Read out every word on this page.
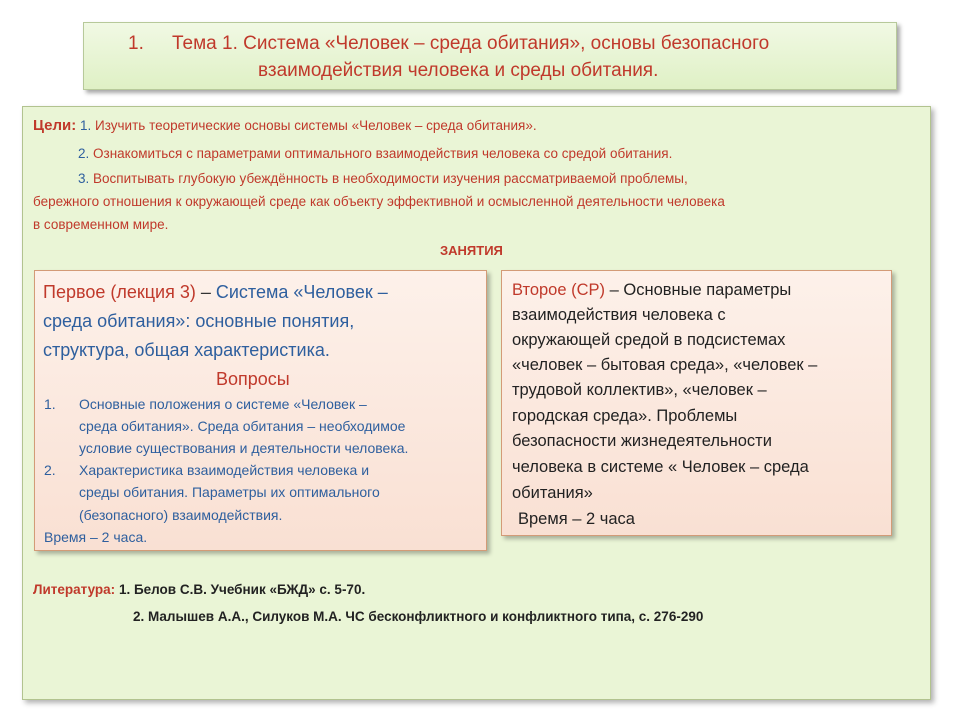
1. Тема 1. Система «Человек – среда обитания», основы безопасного
взаимодействия человека и среды обитания.
Цели: 1. Изучить теоретические основы системы «Человек – среда обитания».
2. Ознакомиться с параметрами оптимального взаимодействия человека со средой обитания.
3. Воспитывать глубокую убеждённость в необходимости изучения рассматриваемой проблемы,
бережного отношения к окружающей среде как объекту эффективной и осмысленной деятельности человека
в современном мире.
ЗАНЯТИЯ
Первое (лекция 3) – Система «Человек –
среда обитания»: основные понятия,
структура, общая характеристика.
Вопросы
1. Основные положения о системе «Человек –
среда обитания». Среда обитания – необходимое
условие существования и деятельности человека.
2. Характеристика взаимодействия человека и
среды обитания. Параметры их оптимального
(безопасного) взаимодействия.
Время – 2 часа.
Второе (СР) – Основные параметры
взаимодействия человека с
окружающей средой в подсистемах
«человек – бытовая среда», «человек –
трудовой коллектив», «человек –
городская среда». Проблемы
безопасности жизнедеятельности
человека в системе « Человек – среда
обитания»
Время – 2 часа
Литература: 1. Белов С.В. Учебник «БЖД» с. 5-70.
2. Малышев А.А., Силуков М.А. ЧС бесконфликтного и конфликтного типа, с. 276-290
